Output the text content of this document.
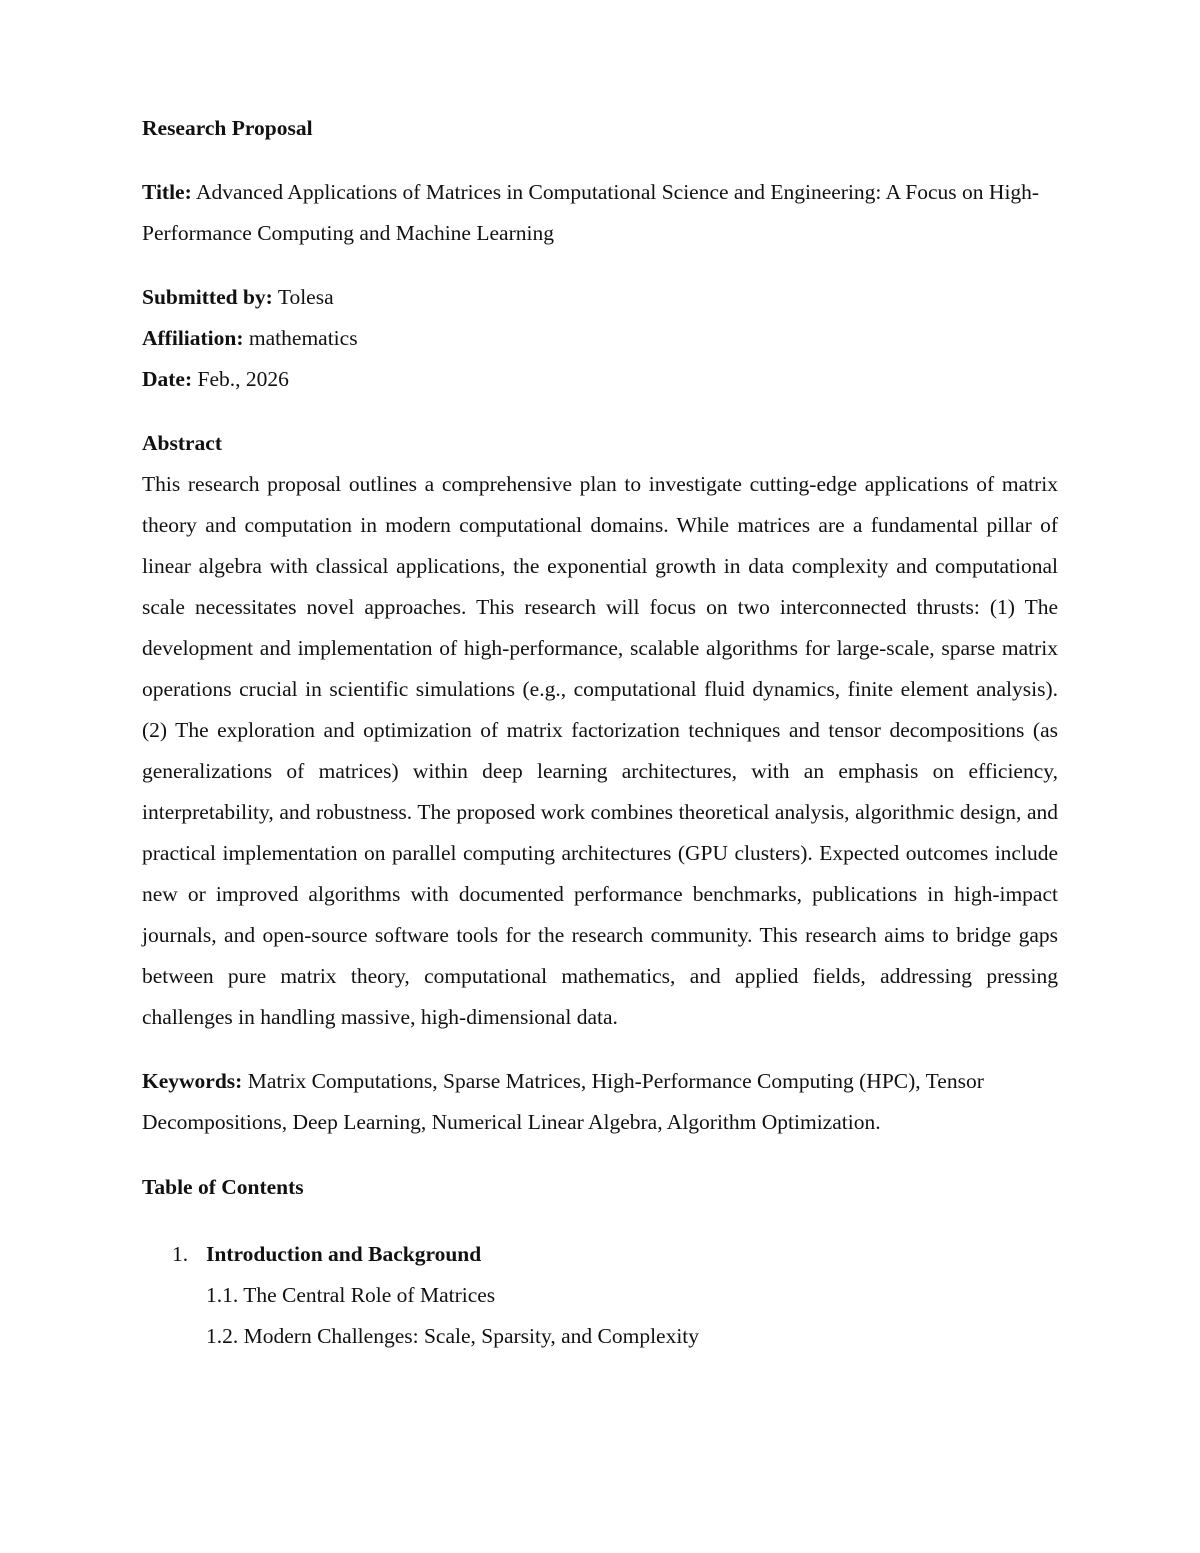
Research Proposal

Title: Advanced Applications of Matrices in Computational Science and Engineering: A Focus on High-Performance Computing and Machine Learning

Submitted by: Tolesa

Affiliation: mathematics

Date: Feb., 2026

Abstract

This research proposal outlines a comprehensive plan to investigate cutting-edge applications of matrix theory and computation in modern computational domains. While matrices are a fundamental pillar of linear algebra with classical applications, the exponential growth in data complexity and computational scale necessitates novel approaches. This research will focus on two interconnected thrusts: (1) The development and implementation of high-performance, scalable algorithms for large-scale, sparse matrix operations crucial in scientific simulations (e.g., computational fluid dynamics, finite element analysis). (2) The exploration and optimization of matrix factorization techniques and tensor decompositions (as generalizations of matrices) within deep learning architectures, with an emphasis on efficiency, interpretability, and robustness. The proposed work combines theoretical analysis, algorithmic design, and practical implementation on parallel computing architectures (GPU clusters). Expected outcomes include new or improved algorithms with documented performance benchmarks, publications in high-impact journals, and open-source software tools for the research community. This research aims to bridge gaps between pure matrix theory, computational mathematics, and applied fields, addressing pressing challenges in handling massive, high-dimensional data.

Keywords: Matrix Computations, Sparse Matrices, High-Performance Computing (HPC), Tensor Decompositions, Deep Learning, Numerical Linear Algebra, Algorithm Optimization.

Table of Contents

1. Introduction and Background
1.1. The Central Role of Matrices
1.2. Modern Challenges: Scale, Sparsity, and Complexity
